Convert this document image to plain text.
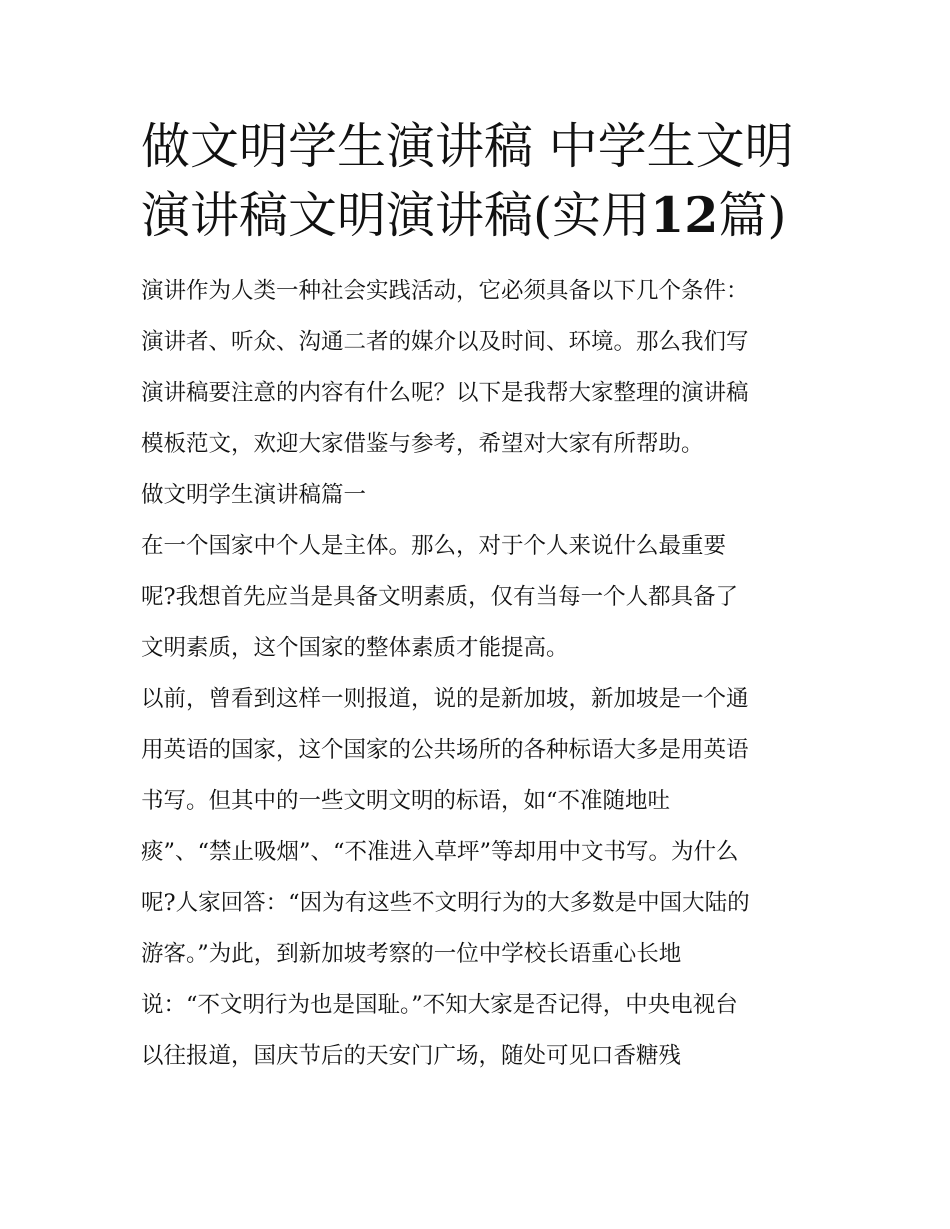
做文明学生演讲稿 中学生文明
演讲稿文明演讲稿(实用12篇)
演讲作为人类一种社会实践活动，它必须具备以下几个条件：
演讲者、听众、沟通二者的媒介以及时间、环境。那么我们写
演讲稿要注意的内容有什么呢？以下是我帮大家整理的演讲稿
模板范文，欢迎大家借鉴与参考，希望对大家有所帮助。
做文明学生演讲稿篇一
在一个国家中个人是主体。那么，对于个人来说什么最重要
呢?我想首先应当是具备文明素质，仅有当每一个人都具备了
文明素质，这个国家的整体素质才能提高。
以前，曾看到这样一则报道，说的是新加坡，新加坡是一个通
用英语的国家，这个国家的公共场所的各种标语大多是用英语
书写。但其中的一些文明文明的标语，如“不准随地吐
痰”、“禁止吸烟”、“不准进入草坪”等却用中文书写。为什么
呢?人家回答：“因为有这些不文明行为的大多数是中国大陆的
游客。”为此，到新加坡考察的一位中学校长语重心长地
说：“不文明行为也是国耻。”不知大家是否记得，中央电视台
以往报道，国庆节后的天安门广场，随处可见口香糖残
